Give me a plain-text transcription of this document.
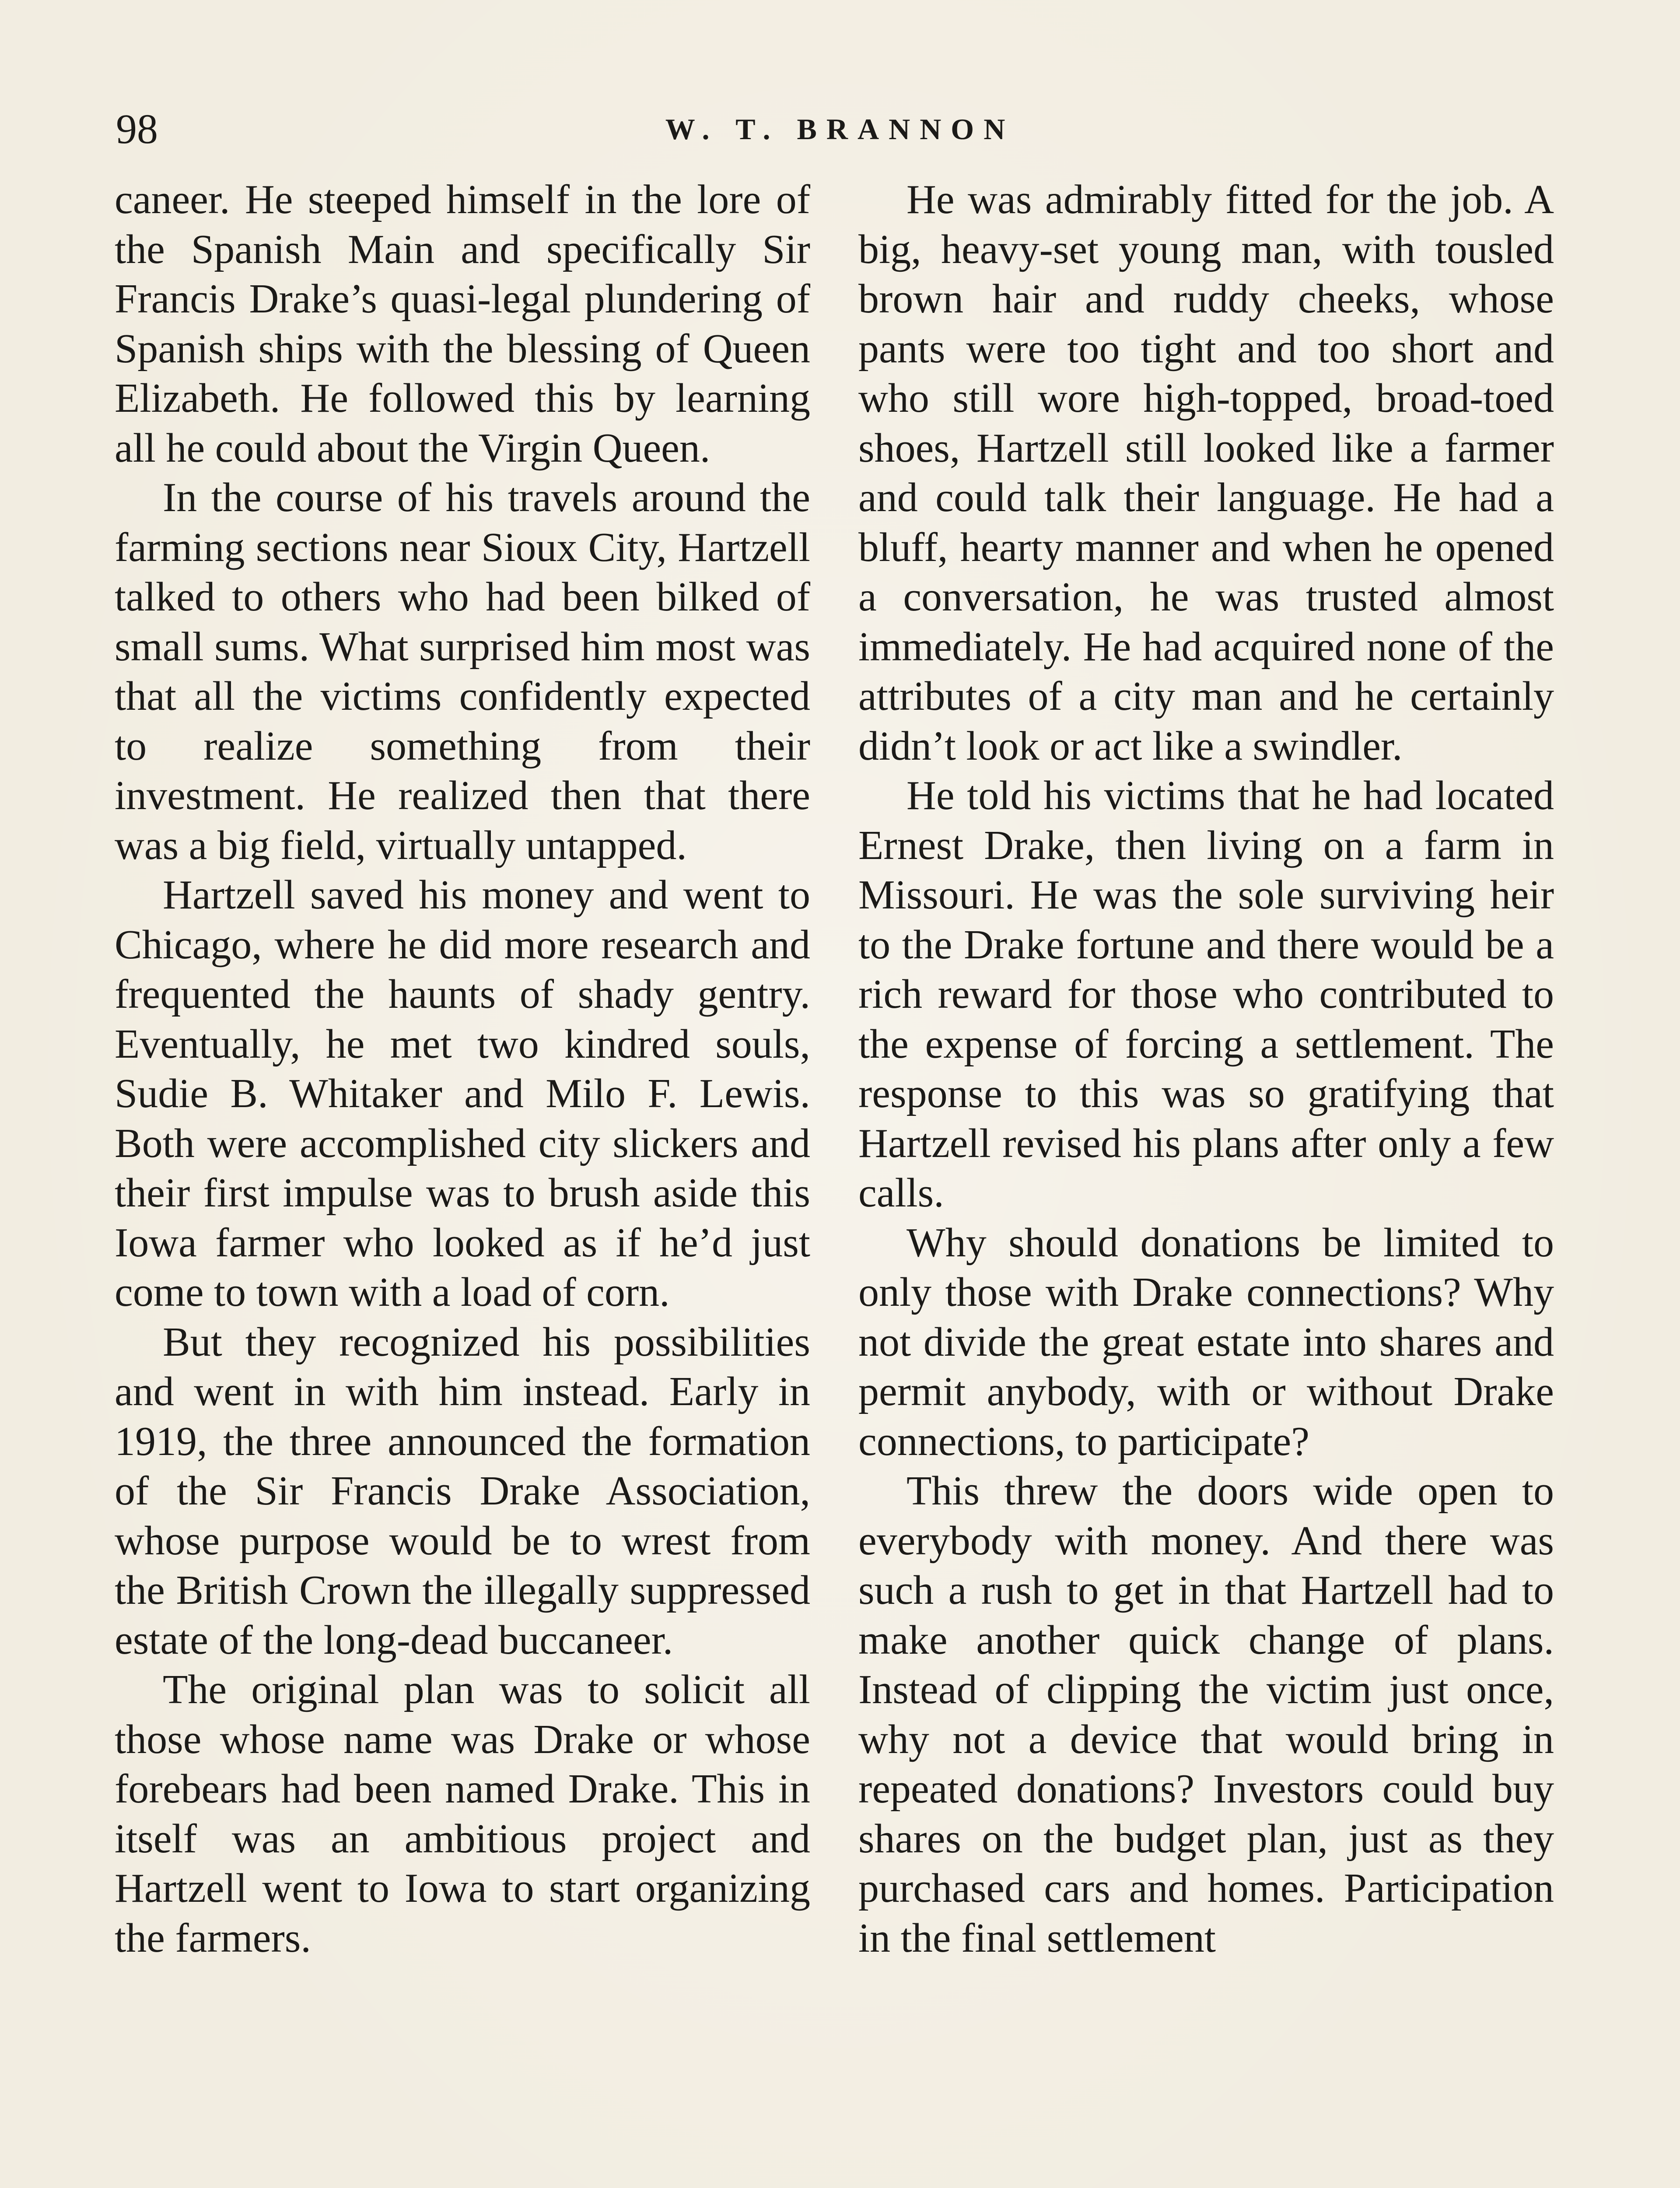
98	W. T. BRANNON

caneer. He steeped himself in the lore of the Spanish Main and specifically Sir Francis Drake’s quasi-legal plundering of Spanish ships with the blessing of Queen Elizabeth. He followed this by learning all he could about the Virgin Queen.

In the course of his travels around the farming sections near Sioux City, Hartzell talked to others who had been bilked of small sums. What surprised him most was that all the victims confidently expected to realize something from their investment. He realized then that there was a big field, virtually untapped.

Hartzell saved his money and went to Chicago, where he did more research and frequented the haunts of shady gentry. Eventually, he met two kindred souls, Sudie B. Whitaker and Milo F. Lewis. Both were accomplished city slickers and their first impulse was to brush aside this Iowa farmer who looked as if he’d just come to town with a load of corn.

But they recognized his possibilities and went in with him instead. Early in 1919, the three announced the formation of the Sir Francis Drake Association, whose purpose would be to wrest from the British Crown the illegally suppressed estate of the long-dead buccaneer.

The original plan was to solicit all those whose name was Drake or whose forebears had been named Drake. This in itself was an ambitious project and Hartzell went to Iowa to start organizing the farmers.

He was admirably fitted for the job. A big, heavy-set young man, with tousled brown hair and ruddy cheeks, whose pants were too tight and too short and who still wore high-topped, broad-toed shoes, Hartzell still looked like a farmer and could talk their language. He had a bluff, hearty manner and when he opened a conversation, he was trusted almost immediately. He had acquired none of the attributes of a city man and he certainly didn’t look or act like a swindler.

He told his victims that he had located Ernest Drake, then living on a farm in Missouri. He was the sole surviving heir to the Drake fortune and there would be a rich reward for those who contributed to the expense of forcing a settlement. The response to this was so gratifying that Hartzell revised his plans after only a few calls.

Why should donations be limited to only those with Drake connections? Why not divide the great estate into shares and permit anybody, with or without Drake connections, to participate?

This threw the doors wide open to everybody with money. And there was such a rush to get in that Hartzell had to make another quick change of plans. Instead of clipping the victim just once, why not a device that would bring in repeated donations? Investors could buy shares on the budget plan, just as they purchased cars and homes. Participation in the final settlement
